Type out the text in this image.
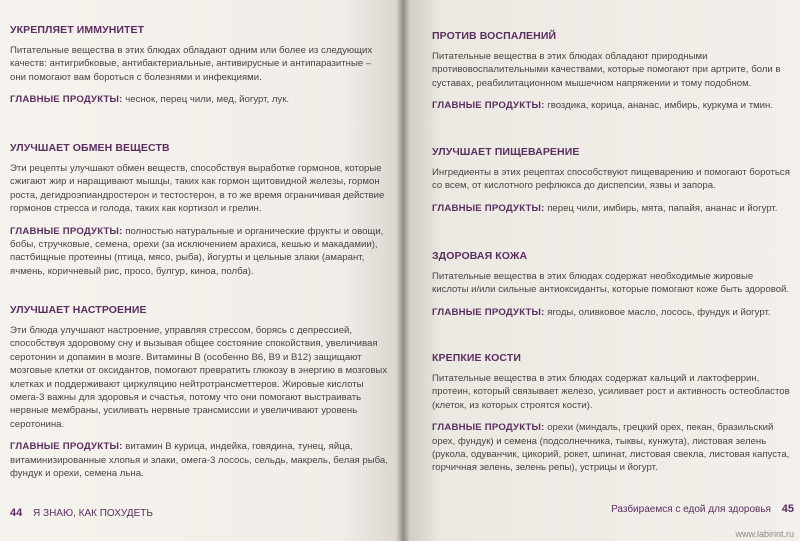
УКРЕПЛЯЕТ ИММУНИТЕТ

Питательные вещества в этих блюдах обладают одним или более из следующих качеств: антигрибковые, антибактериальные, антивирусные и антипаразитные – они помогают вам бороться с болезнями и инфекциями.

ГЛАВНЫЕ ПРОДУКТЫ: чеснок, перец чили, мед, йогурт, лук.

УЛУЧШАЕТ ОБМЕН ВЕЩЕСТВ

Эти рецепты улучшают обмен веществ, способствуя выработке гормонов, которые сжигают жир и наращивают мышцы, таких как гормон щитовидной железы, гормон роста, дегидроэпиандростерон и тестостерон, в то же время ограничивая действие гормонов стресса и голода, таких как кортизол и грелин.

ГЛАВНЫЕ ПРОДУКТЫ: полностью натуральные и органические фрукты и овощи, бобы, стручковые, семена, орехи (за исключением арахиса, кешью и макадамии), пастбищные протеины (птица, мясо, рыба), йогурты и цельные злаки (амарант, ячмень, коричневый рис, просо, булгур, киноа, полба).

УЛУЧШАЕТ НАСТРОЕНИЕ

Эти блюда улучшают настроение, управляя стрессом, борясь с депрессией, способствуя здоровому сну и вызывая общее состояние спокойствия, увеличивая серотонин и допамин в мозге. Витамины В (особенно В6, В9 и В12) защищают мозговые клетки от оксидантов, помогают превратить глюкозу в энергию в мозговых клетках и поддерживают циркуляцию нейтротрансметтеров. Жировые кислоты омега-3 важны для здоровья и счастья, потому что они помогают выстраивать нервные мембраны, усиливать нервные трансмиссии и увеличивают уровень серотонина.

ГЛАВНЫЕ ПРОДУКТЫ: витамин В курица, индейка, говядина, тунец, яйца, витаминизированные хлопья и злаки, омега-3 лосось, сельдь, макрель, белая рыба, фундук и орехи, семена льна.

44 Я ЗНАЮ, КАК ПОХУДЕТЬ
ПРОТИВ ВОСПАЛЕНИЙ

Питательные вещества в этих блюдах обладают природными противовоспалительными качествами, которые помогают при артрите, боли в суставах, реабилитационном мышечном напряжении и тому подобном.

ГЛАВНЫЕ ПРОДУКТЫ: гвоздика, корица, ананас, имбирь, куркума и тмин.

УЛУЧШАЕТ ПИЩЕВАРЕНИЕ

Ингредиенты в этих рецептах способствуют пищеварению и помогают бороться со всем, от кислотного рефлюкса до диспепсии, язвы и запора.

ГЛАВНЫЕ ПРОДУКТЫ: перец чили, имбирь, мята, папайя, ананас и йогурт.

ЗДОРОВАЯ КОЖА

Питательные вещества в этих блюдах содержат необходимые жировые кислоты и/или сильные антиоксиданты, которые помогают коже быть здоровой.

ГЛАВНЫЕ ПРОДУКТЫ: ягоды, оливковое масло, лосось, фундук и йогурт.

КРЕПКИЕ КОСТИ

Питательные вещества в этих блюдах содержат кальций и лактоферрин, протеин, который связывает железо, усиливает рост и активность остеобластов (клеток, из которых строятся кости).

ГЛАВНЫЕ ПРОДУКТЫ: орехи (миндаль, грецкий орех, пекан, бразильский орех, фундук) и семена (подсолнечника, тыквы, кунжута), листовая зелень (рукола, одуванчик, цикорий, рокет, шпинат, листовая свекла, листовая капуста, горчичная зелень, зелень репы), устрицы и йогурт.

Разбираемся с едой для здоровья 45
www.labirint.ru
